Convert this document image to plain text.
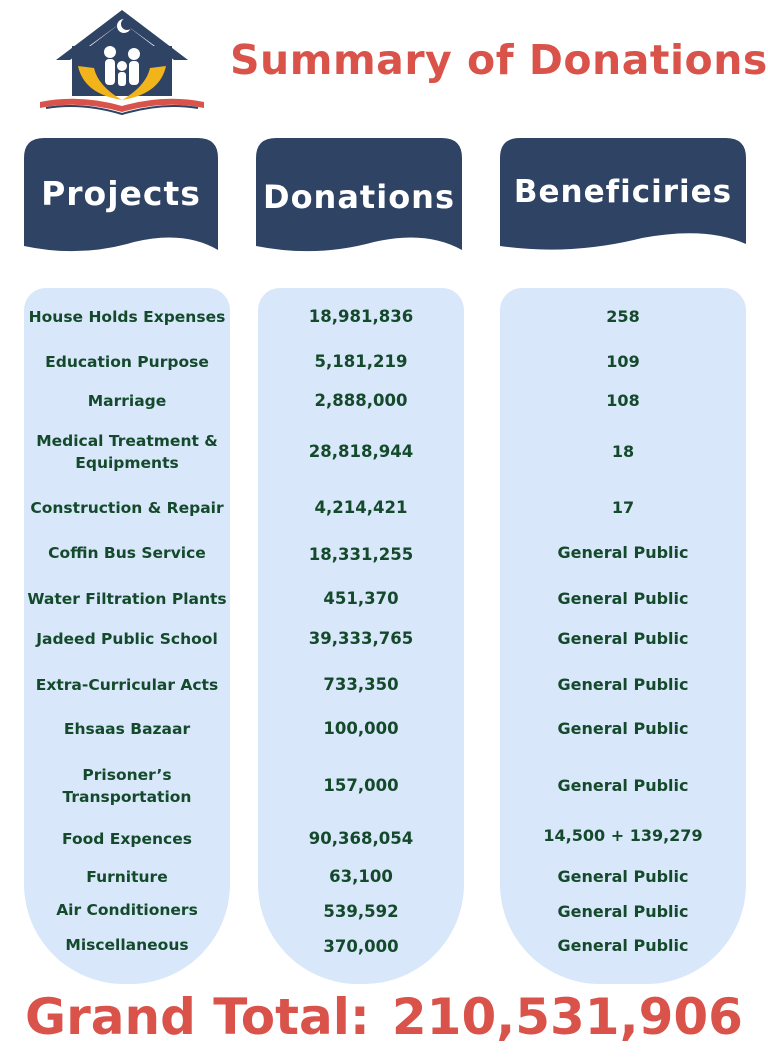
Summary of Donations
Projects	Donations	Beneficiries
House Holds Expenses	18,981,836	258
Education Purpose	5,181,219	109
Marriage	2,888,000	108
Medical Treatment &
Equipments
28,818,944	18
Construction & Repair	4,214,421	17
Coffin Bus Service	18,331,255	General Public
Water Filtration Plants	451,370	General Public
Jadeed Public School	39,333,765	General Public
Extra-Curricular Acts	733,350	General Public
Ehsaas Bazaar	100,000	General Public
Prisoner’s
Transportation
157,000	General Public
Food Expences	90,368,054	14,500 + 139,279
Furniture	63,100	General Public
Air Conditioners	539,592	General Public
Miscellaneous	370,000	General Public
Grand Total: 210,531,906
